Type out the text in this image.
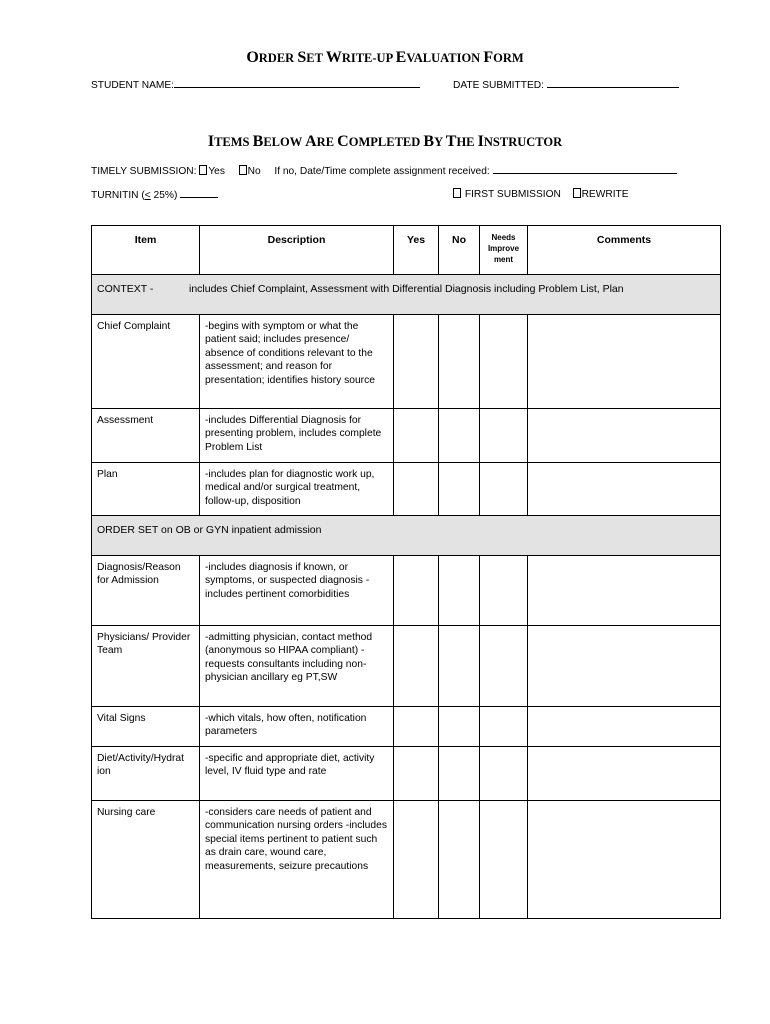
ORDER SET WRITE-UP EVALUATION FORM
STUDENT NAME:	DATE SUBMITTED:
ITEMS BELOW ARE COMPLETED BY THE INSTRUCTOR
TIMELY SUBMISSION: Yes No If no, Date/Time complete assignment received:
TURNITIN (≤ 25%)	FIRST SUBMISSION REWRITE
Item	Description	Yes	No	Needs Improve ment	Comments
CONTEXT - includes Chief Complaint, Assessment with Differential Diagnosis including Problem List, Plan					
Chief Complaint	-begins with symptom or what the patient said; includes presence/ absence of conditions relevant to the assessment; and reason for presentation; identifies history source				
Assessment	-includes Differential Diagnosis for presenting problem, includes complete Problem List				
Plan	-includes plan for diagnostic work up, medical and/or surgical treatment, follow-up, disposition				
ORDER SET on OB or GYN inpatient admission					
Diagnosis/Reason for Admission	-includes diagnosis if known, or symptoms, or suspected diagnosis -includes pertinent comorbidities				
Physicians/ Provider Team	-admitting physician, contact method (anonymous so HIPAA compliant) -requests consultants including non-physician ancillary eg PT,SW				
Vital Signs	-which vitals, how often, notification parameters				
Diet/Activity/Hydrat ion	-specific and appropriate diet, activity level, IV fluid type and rate				
Nursing care	-considers care needs of patient and communication nursing orders -includes special items pertinent to patient such as drain care, wound care, measurements, seizure precautions				
